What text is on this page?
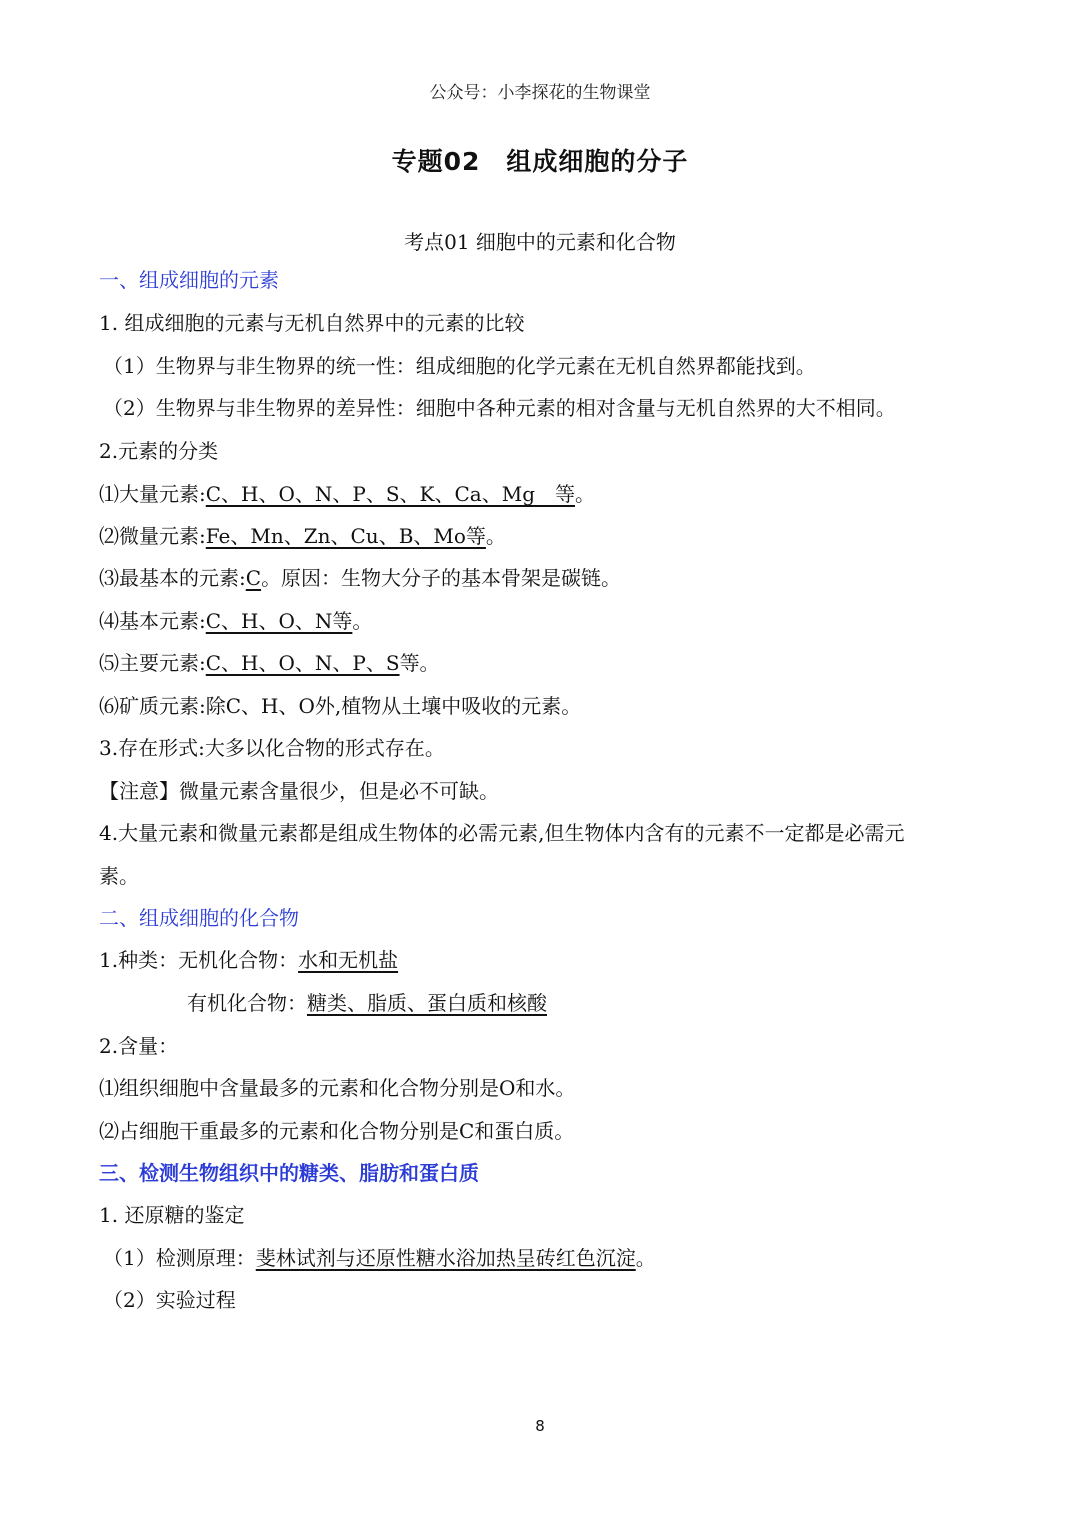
公众号：小李探花的生物课堂
专题02　组成细胞的分子
考点01 细胞中的元素和化合物
一、组成细胞的元素
1. 组成细胞的元素与无机自然界中的元素的比较
（1）生物界与非生物界的统一性：组成细胞的化学元素在无机自然界都能找到。
（2）生物界与非生物界的差异性：细胞中各种元素的相对含量与无机自然界的大不相同。
2.元素的分类
⑴大量元素:C、H、O、N、P、S、K、Ca、Mg　等。
⑵微量元素:Fe、Mn、Zn、Cu、B、Mo等。
⑶最基本的元素:C。原因：生物大分子的基本骨架是碳链。
⑷基本元素:C、H、O、N等。
⑸主要元素:C、H、O、N、P、S等。
⑹矿质元素:除C、H、O外,植物从土壤中吸收的元素。
3.存在形式:大多以化合物的形式存在。
【注意】微量元素含量很少，但是必不可缺。
4.大量元素和微量元素都是组成生物体的必需元素,但生物体内含有的元素不一定都是必需元
素。
二、组成细胞的化合物
1.种类：无机化合物：水和无机盐
有机化合物：糖类、脂质、蛋白质和核酸
2.含量：
⑴组织细胞中含量最多的元素和化合物分别是O和水。
⑵占细胞干重最多的元素和化合物分别是C和蛋白质。
三、检测生物组织中的糖类、脂肪和蛋白质
1. 还原糖的鉴定
（1）检测原理：斐林试剂与还原性糖水浴加热呈砖红色沉淀。
（2）实验过程
8
